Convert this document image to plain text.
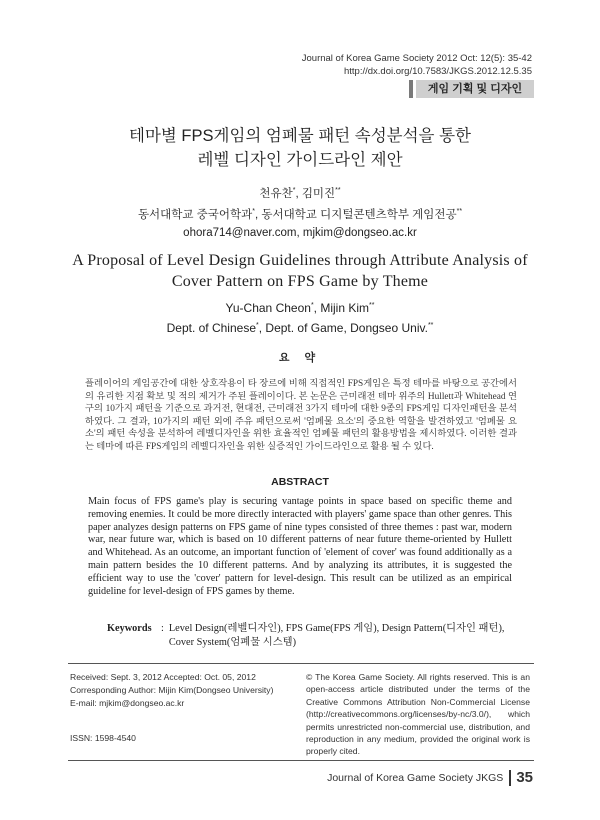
Journal of Korea Game Society 2012 Oct: 12(5): 35-42
http://dx.doi.org/10.7583/JKGS.2012.12.5.35
게임 기획 및 디자인
테마별 FPS게임의 엄폐물 패턴 속성분석을 통한
레벨 디자인 가이드라인 제안
천유찬*, 김미진**
동서대학교 중국어학과*, 동서대학교 디지털콘텐츠학부 게임전공**
ohora714@naver.com, mjkim@dongseo.ac.kr
A Proposal of Level Design Guidelines through Attribute Analysis of
Cover Pattern on FPS Game by Theme
Yu-Chan Cheon*, Mijin Kim**
Dept. of Chinese*, Dept. of Game, Dongseo Univ.**
요 약
플레이어의 게임공간에 대한 상호작용이 타 장르에 비해 직접적인 FPS게임은 특정 테마를 바탕으로 공간에서의 유리한 지점 확보 및 적의 제거가 주된 플레이이다. 본 논문은 근미래전 테마 위주의 Hullett과 Whitehead 연구의 10가지 패턴을 기준으로 과거전, 현대전, 근미래전 3가지 테마에 대한 9종의 FPS게임 디자인패턴을 분석하였다. 그 결과, 10가지의 패턴 외에 주유 패턴으로써 '엄폐물 요소'의 중요한 역할을 발견하였고 '엄폐물 요소'의 패턴 속성을 분석하여 레벨디자인을 위한 효율적인 엄폐물 패턴의 활용방법을 제시하였다. 이러한 결과는 테마에 따른 FPS게임의 레벨디자인을 위한 실증적인 가이드라인으로 활용 될 수 있다.
ABSTRACT
Main focus of FPS game's play is securing vantage points in space based on specific theme and removing enemies. It could be more directly interacted with players' game space than other genres. This paper analyzes design patterns on FPS game of nine types consisted of three themes : past war, modern war, near future war, which is based on 10 different patterns of near future theme-oriented by Hullett and Whitehead. As an outcome, an important function of 'element of cover' was found additionally as a main pattern besides the 10 different patterns. And by analyzing its attributes, it is suggested the efficient way to use the 'cover' pattern for level-design. This result can be utilized as an empirical guideline for level-design of FPS games by theme.
Keywords : Level Design(레벨디자인), FPS Game(FPS 게임), Design Pattern(디자인 패턴), Cover System(엄폐물 시스템)
Received: Sept. 3, 2012 Accepted: Oct. 05, 2012
Corresponding Author: Mijin Kim(Dongseo University)
E-mail: mjkim@dongseo.ac.kr
ISSN: 1598-4540
© The Korea Game Society. All rights reserved. This is an open-access article distributed under the terms of the Creative Commons Attribution Non-Commercial License (http://creativecommons.org/licenses/by-nc/3.0/), which permits unrestricted non-commercial use, distribution, and reproduction in any medium, provided the original work is properly cited.
Journal of Korea Game Society JKGS 35
